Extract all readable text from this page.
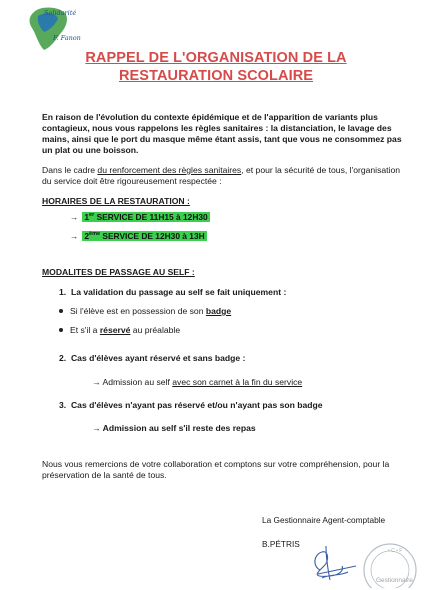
Solidarité
F. Fanon
RAPPEL DE L'ORGANISATION DE LA
RESTAURATION SCOLAIRE
En raison de l'évolution du contexte épidémique et de l'apparition de variants plus contagieux, nous vous rappelons les règles sanitaires : la distanciation, le lavage des mains, ainsi que le port du masque même étant assis, tant que vous ne consommez pas un plat ou une boisson.
Dans le cadre du renforcement des règles sanitaires, et pour la sécurité de tous, l'organisation du service doit être rigoureusement respectée :
HORAIRES DE LA RESTAURATION :
→ 1er SERVICE DE 11H15 à 12H30
→ 2ème SERVICE DE 12H30 à 13H
MODALITES DE PASSAGE AU SELF :
1. La validation du passage au self se fait uniquement :
Si l'élève est en possession de son badge
Et s'il a réservé au préalable
2. Cas d'élèves ayant réservé et sans badge :
→ Admission au self avec son carnet à la fin du service
3. Cas d'élèves n'ayant pas réservé et/ou n'ayant pas son badge
→ Admission au self s'il reste des repas
Nous vous remercions de votre collaboration et comptons sur votre compréhension, pour la préservation de la santé de tous.
La Gestionnaire Agent-comptable
B.PÉTRIS
Gestionnaire
• C • F
